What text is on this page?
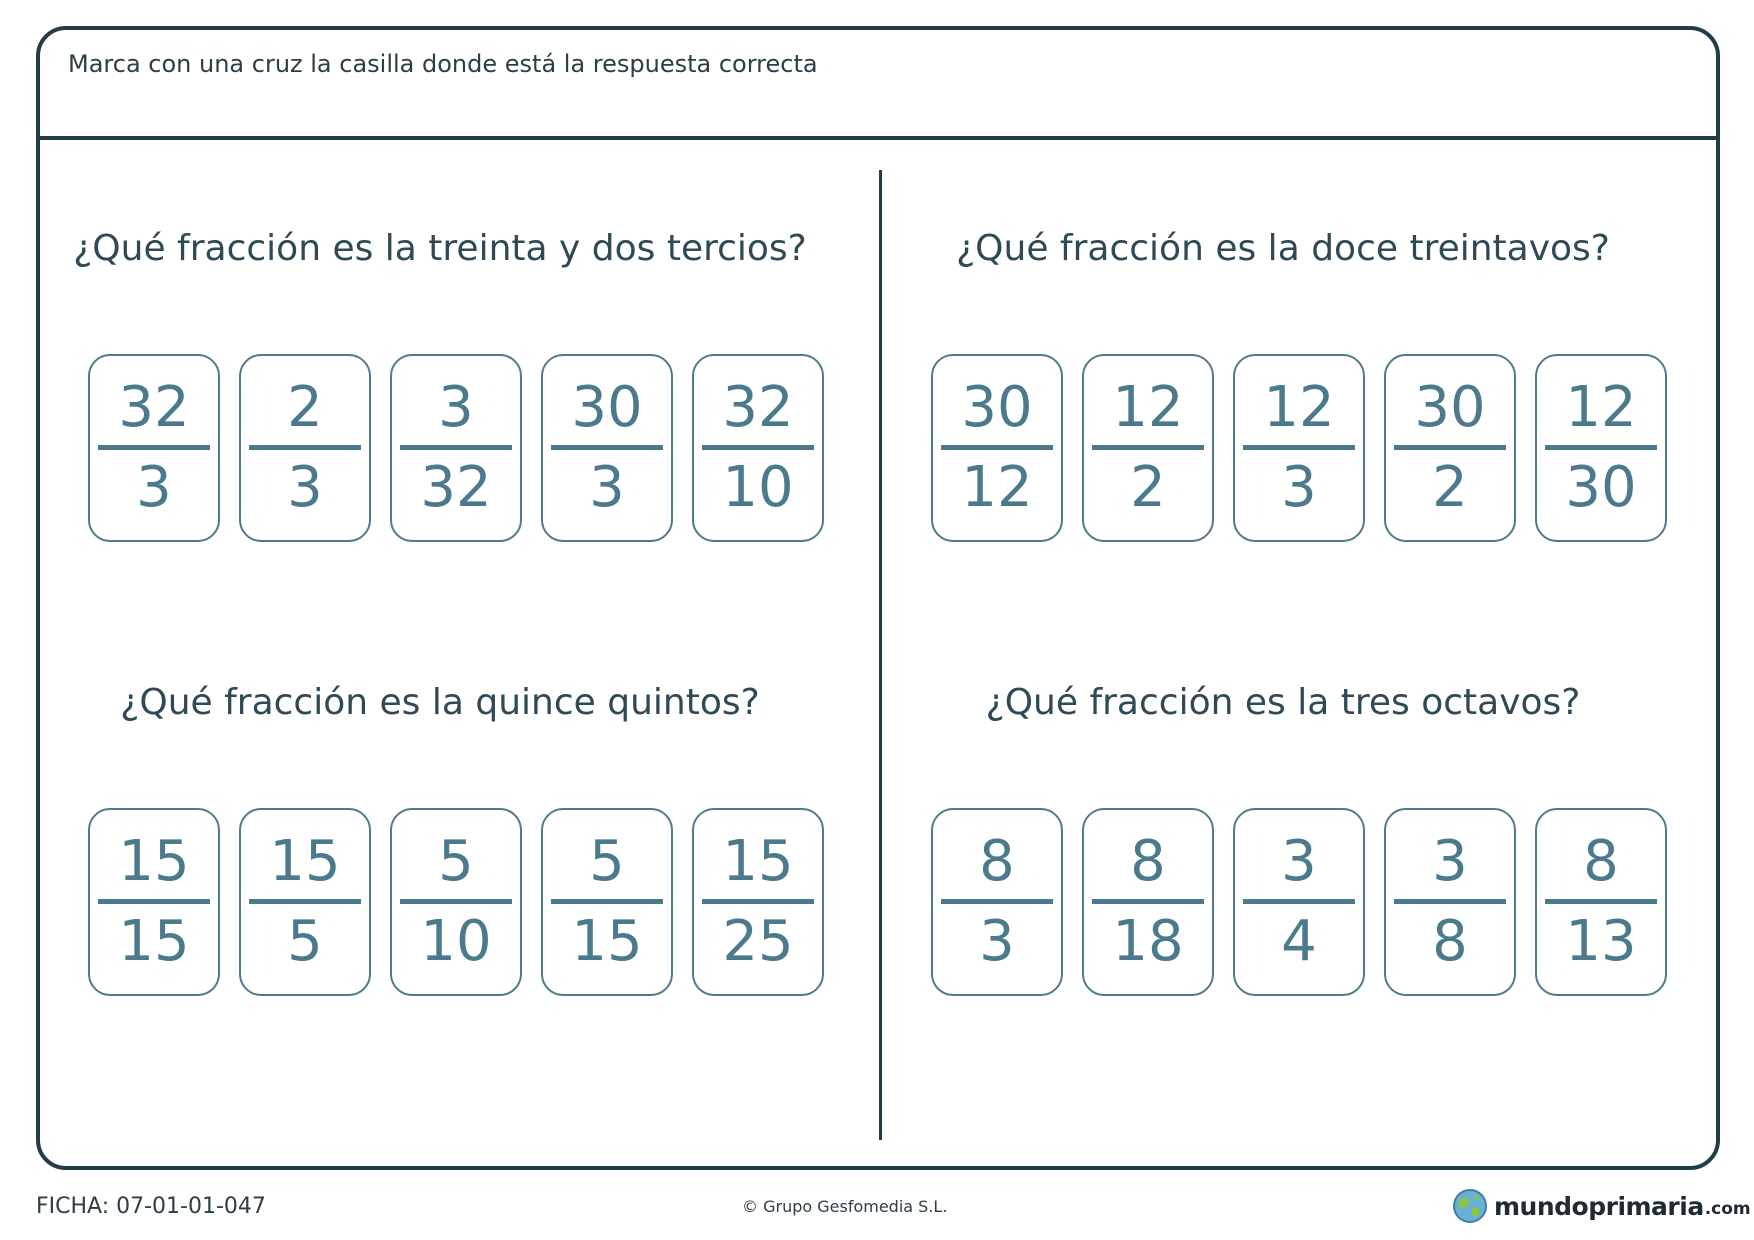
Marca con una cruz la casilla donde está la respuesta correcta
¿Qué fracción es la treinta y dos tercios?
32
3
2
3
3
32
30
3
32
10
¿Qué fracción es la doce treintavos?
30
12
12
2
12
3
30
2
12
30
¿Qué fracción es la quince quintos?
15
15
15
5
5
10
5
15
15
25
¿Qué fracción es la tres octavos?
8
3
8
18
3
4
3
8
8
13
FICHA: 07-01-01-047	© Grupo Gesfomedia S.L.	mundoprimaria .com
